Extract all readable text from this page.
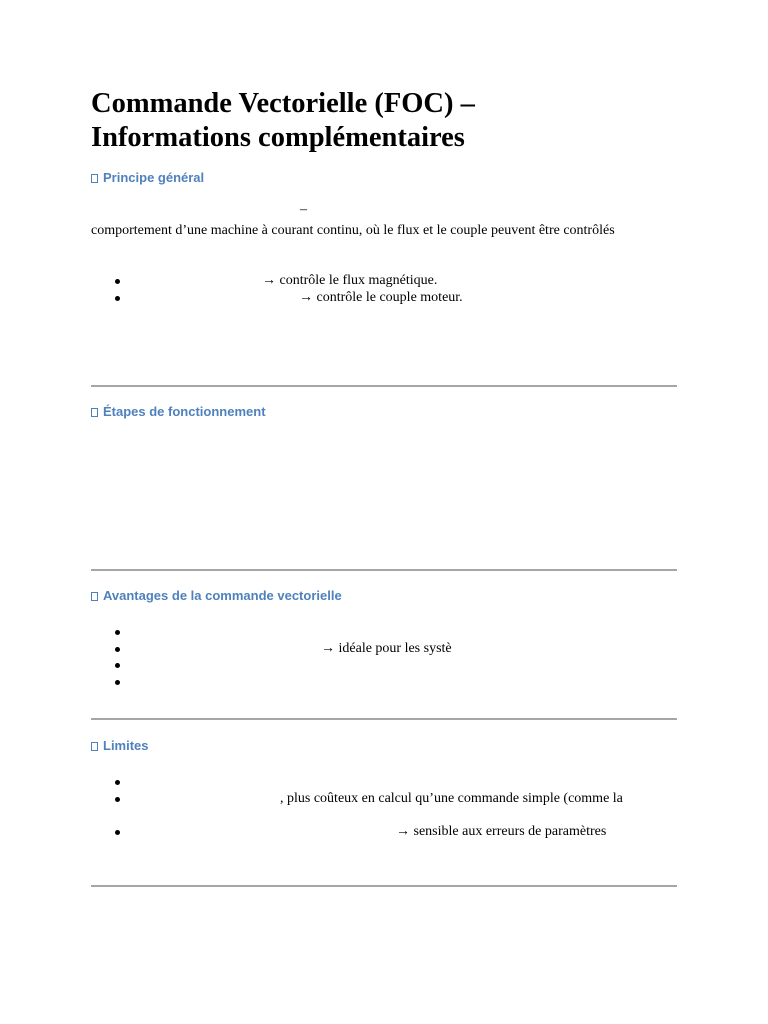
Commande Vectorielle (FOC) –
Informations complémentaires
Principe général
–
comportement d’une machine à courant continu, où le flux et le couple peuvent être contrôlés
→ contrôle le flux magnétique.
→ contrôle le couple moteur.
Étapes de fonctionnement
Avantages de la commande vectorielle
→ idéale pour les systè
Limites
, plus coûteux en calcul qu’une commande simple (comme la
→ sensible aux erreurs de paramètres
